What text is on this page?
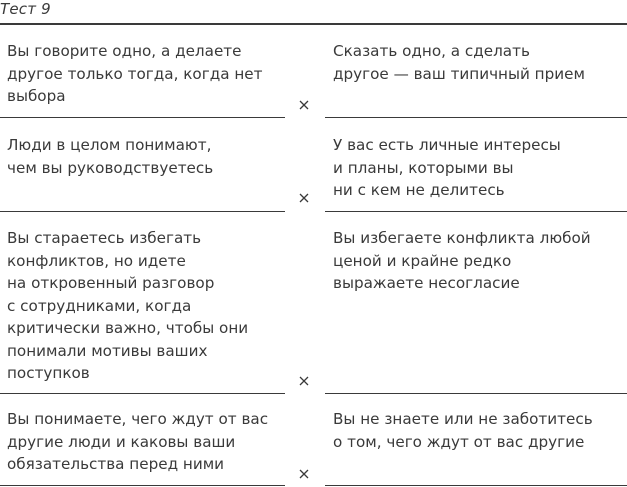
Тест 9
Вы говорите одно, а делаете
другое только тогда, когда нет
выбора
Сказать одно, а сделать
другое — ваш типичный прием
Люди в целом понимают,
чем вы руководствуетесь
У вас есть личные интересы
и планы, которыми вы
ни с кем не делитесь
Вы стараетесь избегать
конфликтов, но идете
на откровенный разговор
с сотрудниками, когда
критически важно, чтобы они
понимали мотивы ваших
поступков
Вы избегаете конфликта любой
ценой и крайне редко
выражаете несогласие
Вы понимаете, чего ждут от вас
другие люди и каковы ваши
обязательства перед ними
Вы не знаете или не заботитесь
о том, чего ждут от вас другие
